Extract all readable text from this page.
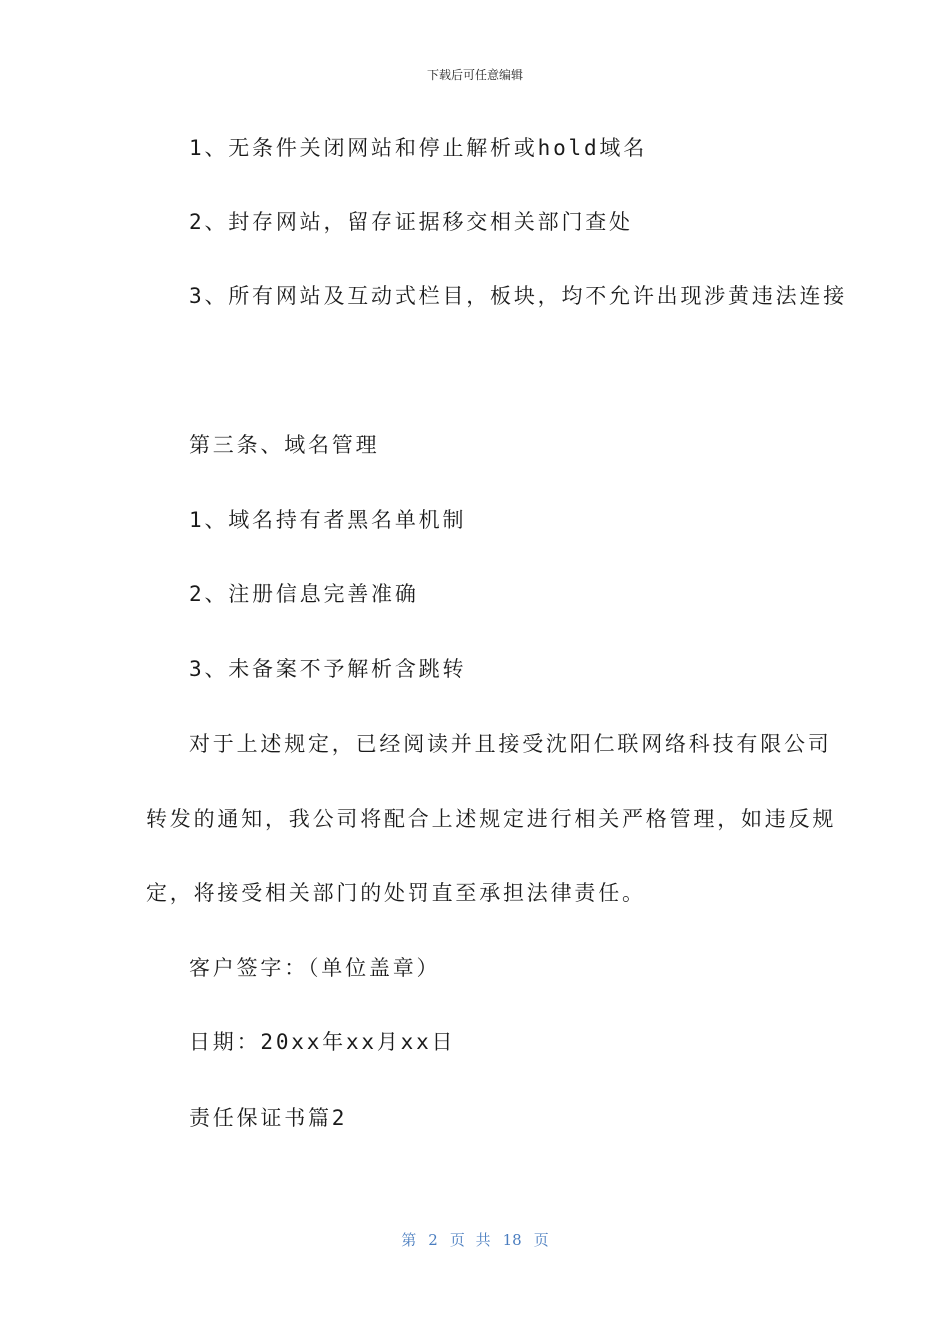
下载后可任意编辑
1、无条件关闭网站和停止解析或hold域名
2、封存网站，留存证据移交相关部门查处
3、所有网站及互动式栏目，板块，均不允许出现涉黄违法连接
第三条、域名管理
1、域名持有者黑名单机制
2、注册信息完善准确
3、未备案不予解析含跳转
对于上述规定，已经阅读并且接受沈阳仁联网络科技有限公司
转发的通知，我公司将配合上述规定进行相关严格管理，如违反规
定，将接受相关部门的处罚直至承担法律责任。
客户签字：（单位盖章）
日期：20xx年xx月xx日
责任保证书篇2
第 2 页 共 18 页
